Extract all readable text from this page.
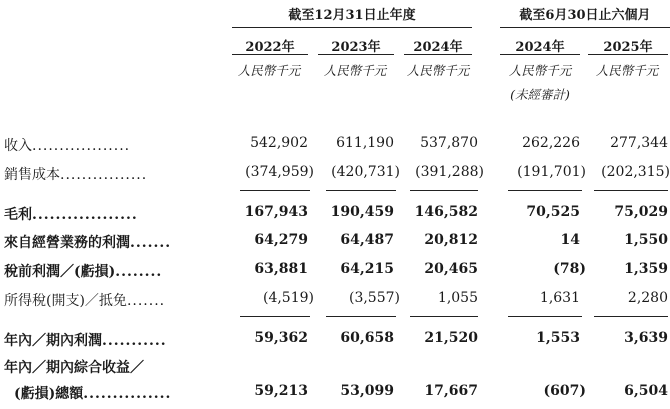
截至12月31日止年度	截至6月30日止六個月
2022年	2023年	2024年	2024年	2025年
人民幣千元	人民幣千元	人民幣千元	人民幣千元	人民幣千元
(未經審計)
收入..................	542,902	611,190	537,870	262,226	277,344
銷售成本................	(374,959)	(420,731)	(391,288)	(191,701)	(202,315)
毛利..................	167,943	190,459	146,582	70,525	75,029
來自經營業務的利潤.......	64,279	64,487	20,812	14	1,550
稅前利潤／(虧損)........	63,881	64,215	20,465	(78)	1,359
所得稅(開支)／抵免.......	(4,519)	(3,557)	1,055	1,631	2,280
年內／期內利潤...........	59,362	60,658	21,520	1,553	3,639
年內／期內綜合收益／
(虧損)總額...............	59,213	53,099	17,667	(607)	6,504
